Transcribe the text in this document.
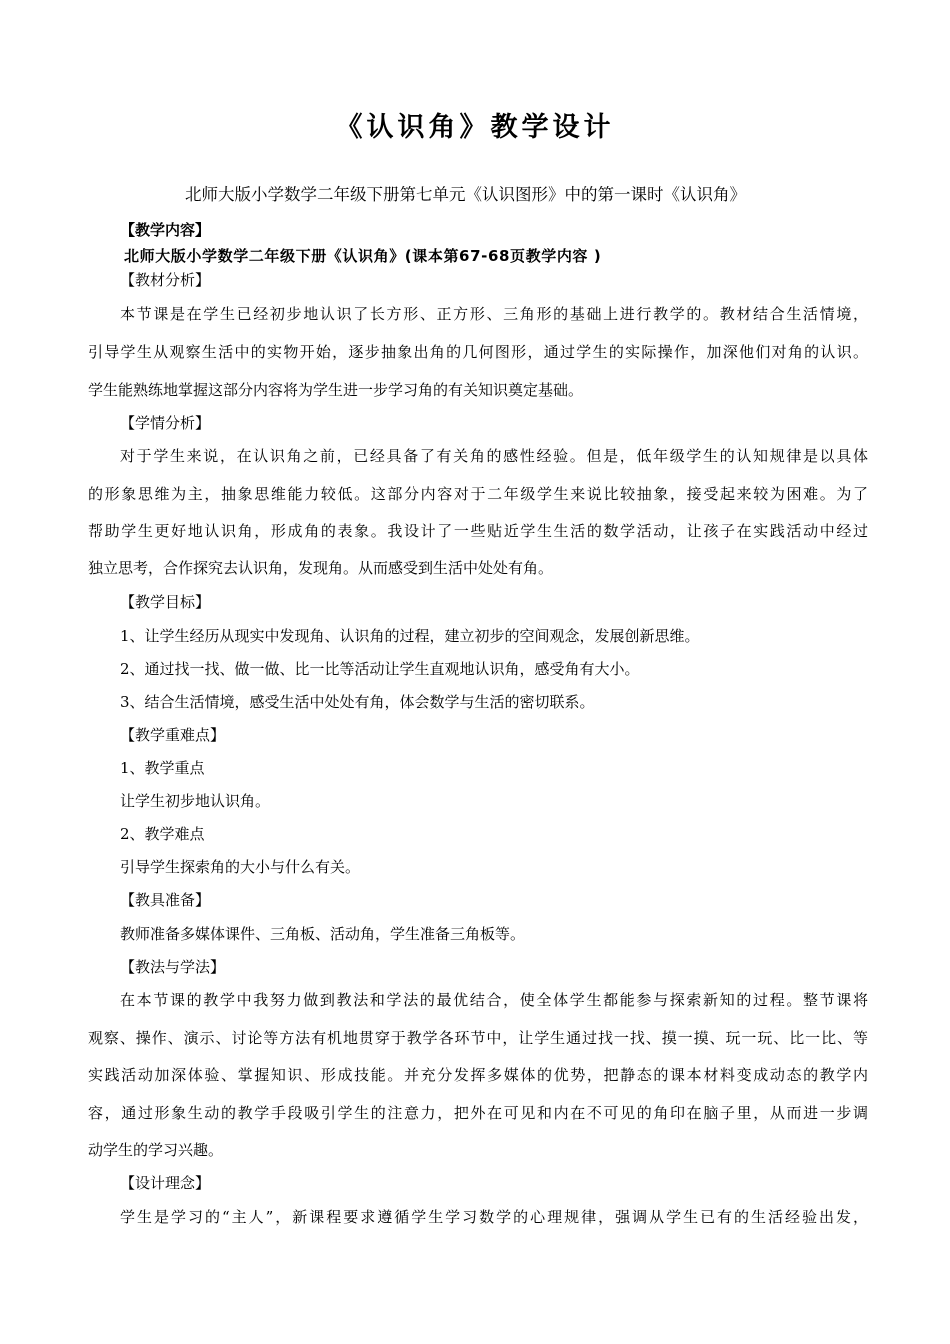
《认识角》教学设计
北师大版小学数学二年级下册第七单元《认识图形》中的第一课时《认识角》
【教学内容】
北师大版小学数学二年级下册《认识角》(课本第67-68页教学内容 )
【教材分析】
本节课是在学生已经初步地认识了长方形、正方形、三角形的基础上进行教学的。教材结合生活情境，
引导学生从观察生活中的实物开始，逐步抽象出角的几何图形，通过学生的实际操作，加深他们对角的认识。
学生能熟练地掌握这部分内容将为学生进一步学习角的有关知识奠定基础。
【学情分析】
对于学生来说，在认识角之前，已经具备了有关角的感性经验。但是，低年级学生的认知规律是以具体
的形象思维为主，抽象思维能力较低。这部分内容对于二年级学生来说比较抽象，接受起来较为困难。为了
帮助学生更好地认识角，形成角的表象。我设计了一些贴近学生生活的数学活动，让孩子在实践活动中经过
独立思考，合作探究去认识角，发现角。从而感受到生活中处处有角。
【教学目标】
1、让学生经历从现实中发现角、认识角的过程，建立初步的空间观念，发展创新思维。
2、通过找一找、做一做、比一比等活动让学生直观地认识角，感受角有大小。
3、结合生活情境，感受生活中处处有角，体会数学与生活的密切联系。
【教学重难点】
1、教学重点
让学生初步地认识角。
2、教学难点
引导学生探索角的大小与什么有关。
【教具准备】
教师准备多媒体课件、三角板、活动角，学生准备三角板等。
【教法与学法】
在本节课的教学中我努力做到教法和学法的最优结合，使全体学生都能参与探索新知的过程。整节课将
观察、操作、演示、讨论等方法有机地贯穿于教学各环节中，让学生通过找一找、摸一摸、玩一玩、比一比、等
实践活动加深体验、掌握知识、形成技能。并充分发挥多媒体的优势，把静态的课本材料变成动态的教学内
容，通过形象生动的教学手段吸引学生的注意力，把外在可见和内在不可见的角印在脑子里，从而进一步调
动学生的学习兴趣。
【设计理念】
学生是学习的“主人”，新课程要求遵循学生学习数学的心理规律，强调从学生已有的生活经验出发，
